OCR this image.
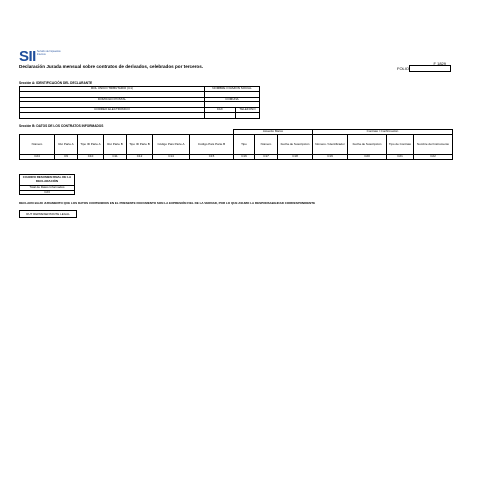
SII Servicio de Impuestos Internos
F 1829
Declaración Jurada mensual sobre contratos de derivados, celebrados por terceros.	FOLIO
Sección A: IDENTIFICACIÓN DEL DECLARANTE
ROL ÚNICO TRIBUTARIO (C1)	NOMBRE O RAZÓN SOCIAL	

DOMICILIO POSTAL	COMUNA	

CORREO ELECTRÓNICO	FAX	TELÉFONO

Sección B: DATOS DE LOS CONTRATOS INFORMADOS
							Acuerdo Marco			Contrato / Confirmación			
Número	Rut Parte A	Tipo ID Parte A	Rut Parte B	Tipo ID Parte B	Código País Parte A	Código País Parte B	Tipo	Número	Fecha de Suscripción	Número / Identificador	Fecha de Suscripción	Tipo de Contrato	Nombre del Instrumento
C24	C9	C10	C11	C12	C14	C15	C16	C17	C18	C19	C20	C21	C22
CUADRO RESUMEN FINAL DE LA DECLARACIÓN
Total de Datos Informados
C23
DECLARO BAJO JURAMENTO QUE LOS DATOS CONTENIDOS EN EL PRESENTE DOCUMENTO SON LA EXPRESIÓN FIEL DE LA VERDAD, POR LO QUE ASUMO LA RESPONSABILIDAD CORRESPONDIENTE
RUT REPRESENTANTE LEGAL
